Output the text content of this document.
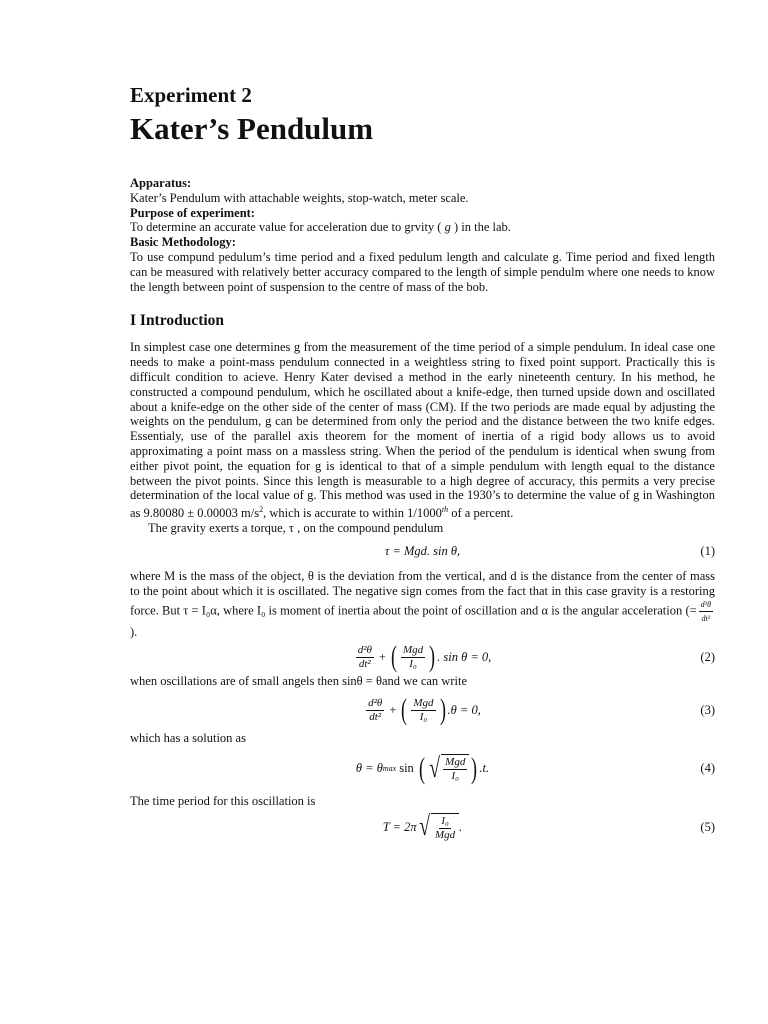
Experiment 2
Kater’s Pendulum
Apparatus:
Kater’s Pendulum with attachable weights, stop-watch, meter scale.
Purpose of experiment:
To determine an accurate value for acceleration due to grvity ( g ) in the lab.
Basic Methodology:
To use compund pedulum’s time period and a fixed pedulum length and calculate g. Time period and fixed length can be measured with relatively better accuracy compared to the length of simple pendulm where one needs to know the length between point of suspension to the centre of mass of the bob.
I Introduction

In simplest case one determines g from the measurement of the time period of a simple pendulum. In ideal case one needs to make a point-mass pendulum connected in a weightless string to fixed point support. Practically this is difficult condition to acieve. Henry Kater devised a method in the early nineteenth century. In his method, he constructed a compound pendulum, which he oscillated about a knife-edge, then turned upside down and oscillated about a knife-edge on the other side of the center of mass (CM). If the two periods are made equal by adjusting the weights on the pendulum, g can be determined from only the period and the distance between the two knife edges. Essentialy, use of the parallel axis theorem for the moment of inertia of a rigid body allows us to avoid approximating a point mass on a massless string. When the period of the pendulum is identical when swung from either pivot point, the equation for g is identical to that of a simple pendulum with length equal to the distance between the pivot points. Since this length is measurable to a high degree of accuracy, this permits a very precise determination of the local value of g. This method was used in the 1930’s to determine the value of g in Washington as 9.80080 ± 0.00003 $m/s^2$, which is accurate to within 1/1000th of a percent.

The gravity exerts a torque, τ , on the compound pendulum

τ = Mgd. sin θ,	(1)

where M is the mass of the object, θ is the deviation from the vertical, and d is the distance from the center of mass to the point about which it is oscillated. The negative sign comes from the fact that in this case gravity is a restoring force. But τ = I₀α, where I₀ is moment of inertia about the point of oscillation and α is the angular acceleration (= $\frac{\text{d²θ}}{\text{dt²}}$
).

$\frac{\text{d²θ}}{\text{dt²}}$ + ( $\frac{\text{Mgd}}{\text{I₀}}$ ) . sin θ = 0,	(2)

when oscillations are of small angels then sinθ = θand we can write

$\frac{\text{d²θ}}{\text{dt²}}$ + ( $\frac{\text{Mgd}}{\text{I₀}}$ ) .θ = 0,	(3)

which has a solution as

θ = θ max sin ( √ $\frac{\text{Mgd}}{\text{I₀}}$ ) .t.	(4)

The time period for this oscillation is

T = 2π √ $\frac{\text{I₀}}{\text{Mgd}}$ .	(5)
